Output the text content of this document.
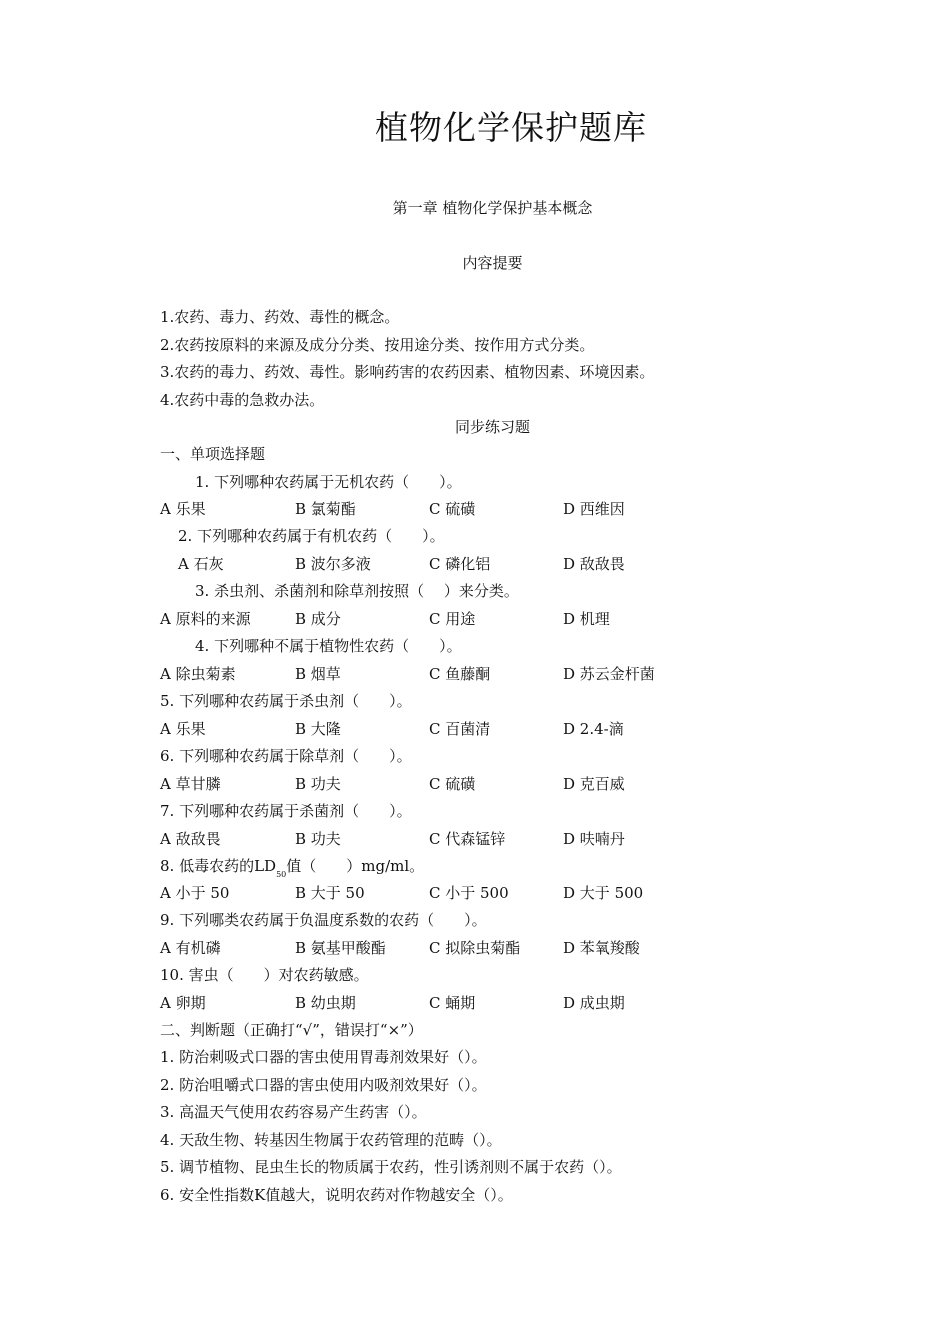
植物化学保护题库
第一章 植物化学保护基本概念
内容提要
1.农药、毒力、药效、毒性的概念。
2.农药按原料的来源及成分分类、按用途分类、按作用方式分类。
3.农药的毒力、药效、毒性。影响药害的农药因素、植物因素、环境因素。
4.农药中毒的急救办法。
同步练习题
一、单项选择题
1. 下列哪种农药属于无机农药（　　）。
A 乐果	B 氯菊酯	C 硫磺	D 西维因
2. 下列哪种农药属于有机农药（　　）。
A 石灰	B 波尔多液	C 磷化铝	D 敌敌畏
3. 杀虫剂、杀菌剂和除草剂按照（　 ）来分类。
A 原料的来源	B 成分	C 用途	D 机理
4. 下列哪种不属于植物性农药（　　）。
A 除虫菊素	B 烟草	C 鱼藤酮	D 苏云金杆菌
5. 下列哪种农药属于杀虫剂（　　）。
A 乐果	B 大隆	C 百菌清	D 2.4-滴
6. 下列哪种农药属于除草剂（　　）。
A 草甘膦	B 功夫	C 硫磺	D 克百威
7. 下列哪种农药属于杀菌剂（　　）。
A 敌敌畏	B 功夫	C 代森锰锌	D 呋喃丹
8. 低毒农药的$LD_{50}$值（　　）mg/ml。
A 小于 50	B 大于 50	C 小于 500	D 大于 500
9. 下列哪类农药属于负温度系数的农药（　　）。
A 有机磷	B 氨基甲酸酯	C 拟除虫菊酯	D 苯氧羧酸
10. 害虫（　　）对农药敏感。
A 卵期	B 幼虫期	C 蛹期	D 成虫期
二、判断题（正确打“√”，错误打“×”）
1. 防治刺吸式口器的害虫使用胃毒剂效果好（）。
2. 防治咀嚼式口器的害虫使用内吸剂效果好（）。
3. 高温天气使用农药容易产生药害（）。
4. 天敌生物、转基因生物属于农药管理的范畴（）。
5. 调节植物、昆虫生长的物质属于农药，性引诱剂则不属于农药（）。
6. 安全性指数K值越大，说明农药对作物越安全（）。
